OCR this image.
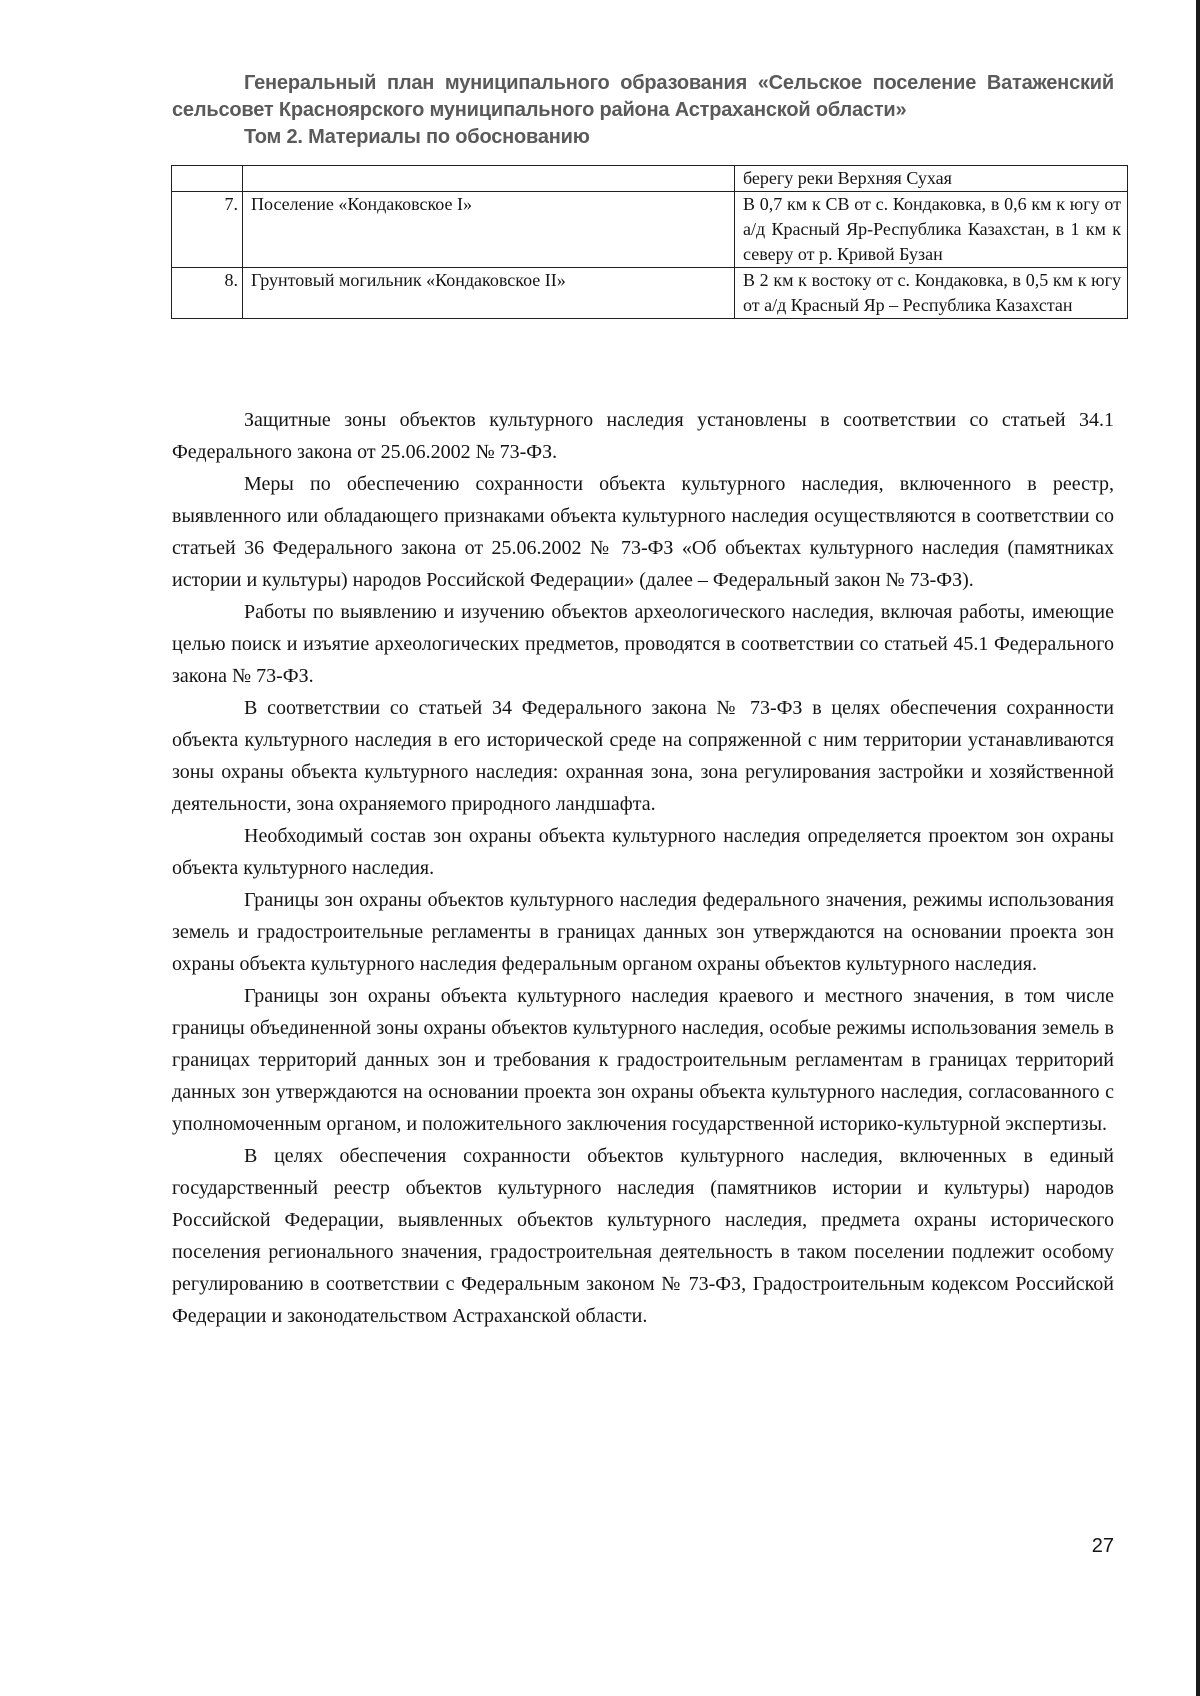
Генеральный план муниципального образования «Сельское поселение Ватаженский
сельсовет Красноярского муниципального района Астраханской области»
Том 2. Материалы по обоснованию
		берегу реки Верхняя Сухая
7.	Поселение «Кондаковское I»	В 0,7 км к СВ от с. Кондаковка, в 0,6 км к югу от а/д Красный Яр-Республика Казахстан, в 1 км к северу от р. Кривой Бузан
8.	Грунтовый могильник «Кондаковское II»	В 2 км к востоку от с. Кондаковка, в 0,5 км к югу от а/д Красный Яр – Республика Казахстан

Защитные зоны объектов культурного наследия установлены в соответствии со статьей 34.1 Федерального закона от 25.06.2002 № 73-ФЗ.

Меры по обеспечению сохранности объекта культурного наследия, включенного в реестр, выявленного или обладающего признаками объекта культурного наследия осуществляются в соответствии со статьей 36 Федерального закона от 25.06.2002 № 73-ФЗ «Об объектах культурного наследия (памятниках истории и культуры) народов Российской Федерации» (далее – Федеральный закон № 73-ФЗ).

Работы по выявлению и изучению объектов археологического наследия, включая работы, имеющие целью поиск и изъятие археологических предметов, проводятся в соответствии со статьей 45.1 Федерального закона № 73-ФЗ.

В соответствии со статьей 34 Федерального закона № 73-ФЗ в целях обеспечения сохранности объекта культурного наследия в его исторической среде на сопряженной с ним территории устанавливаются зоны охраны объекта культурного наследия: охранная зона, зона регулирования застройки и хозяйственной деятельности, зона охраняемого природного ландшафта.

Необходимый состав зон охраны объекта культурного наследия определяется проектом зон охраны объекта культурного наследия.

Границы зон охраны объектов культурного наследия федерального значения, режимы использования земель и градостроительные регламенты в границах данных зон утверждаются на основании проекта зон охраны объекта культурного наследия федеральным органом охраны объектов культурного наследия.

Границы зон охраны объекта культурного наследия краевого и местного значения, в том числе границы объединенной зоны охраны объектов культурного наследия, особые режимы использования земель в границах территорий данных зон и требования к градостроительным регламентам в границах территорий данных зон утверждаются на основании проекта зон охраны объекта культурного наследия, согласованного с уполномоченным органом, и положительного заключения государственной историко-культурной экспертизы.

В целях обеспечения сохранности объектов культурного наследия, включенных в единый государственный реестр объектов культурного наследия (памятников истории и культуры) народов Российской Федерации, выявленных объектов культурного наследия, предмета охраны исторического поселения регионального значения, градостроительная деятельность в таком поселении подлежит особому регулированию в соответствии с Федеральным законом № 73-ФЗ, Градостроительным кодексом Российской Федерации и законодательством Астраханской области.

27
